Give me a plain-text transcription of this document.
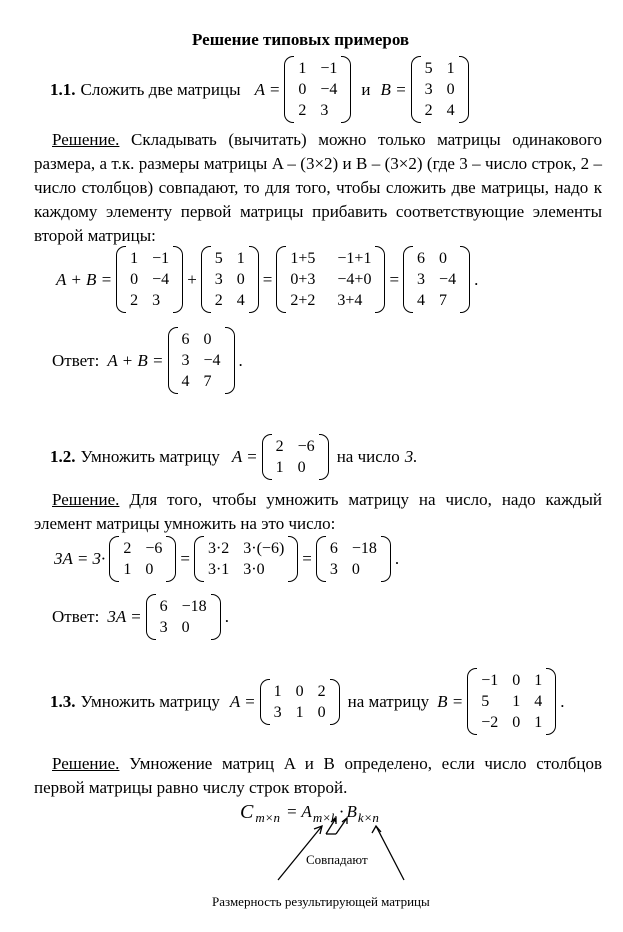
Решение типовых примеров
1.1. Сложить две матрицы A =
1 −1
0 −4
2 3
и B =
5 1
3 0
2 4
Решение. Складывать (вычитать) можно только матрицы одинакового размера, а т.к. размеры матрицы A – (3×2) и B – (3×2) (где 3 – число строк, 2 – число столбцов) совпадают, то для того, чтобы сложить две матрицы, надо к каждому элементу первой матрицы прибавить соответствующие элементы второй матрицы:
A + B =
1 −1
0 −4
2 3
+
5 1
3 0
2 4
=
1+5 −1+1
0+3 −4+0
2+2 3+4
=
6 0
3 −4
4 7
.
Ответ: A + B =
6 0
3 −4
4 7
.
1.2. Умножить матрицу A =
2 −6
1 0
на число 3.
Решение. Для того, чтобы умножить матрицу на число, надо каждый элемент матрицы умножить на это число:
3A = 3·
2 −6
1 0
=
3·2 3·(−6)
3·1 3·0
=
6 −18
3 0
.
Ответ: 3A =
6 −18
3 0
.
1.3. Умножить матрицу A =
1 0 2
3 1 0
на матрицу B =
−1 0 1
5	1 4
−2 0 1
.
Решение. Умножение матриц A и B определено, если число столбцов первой матрицы равно числу строк второй.
C m×n = A m×k · B k×n
Совпадают
Размерность результирующей матрицы
